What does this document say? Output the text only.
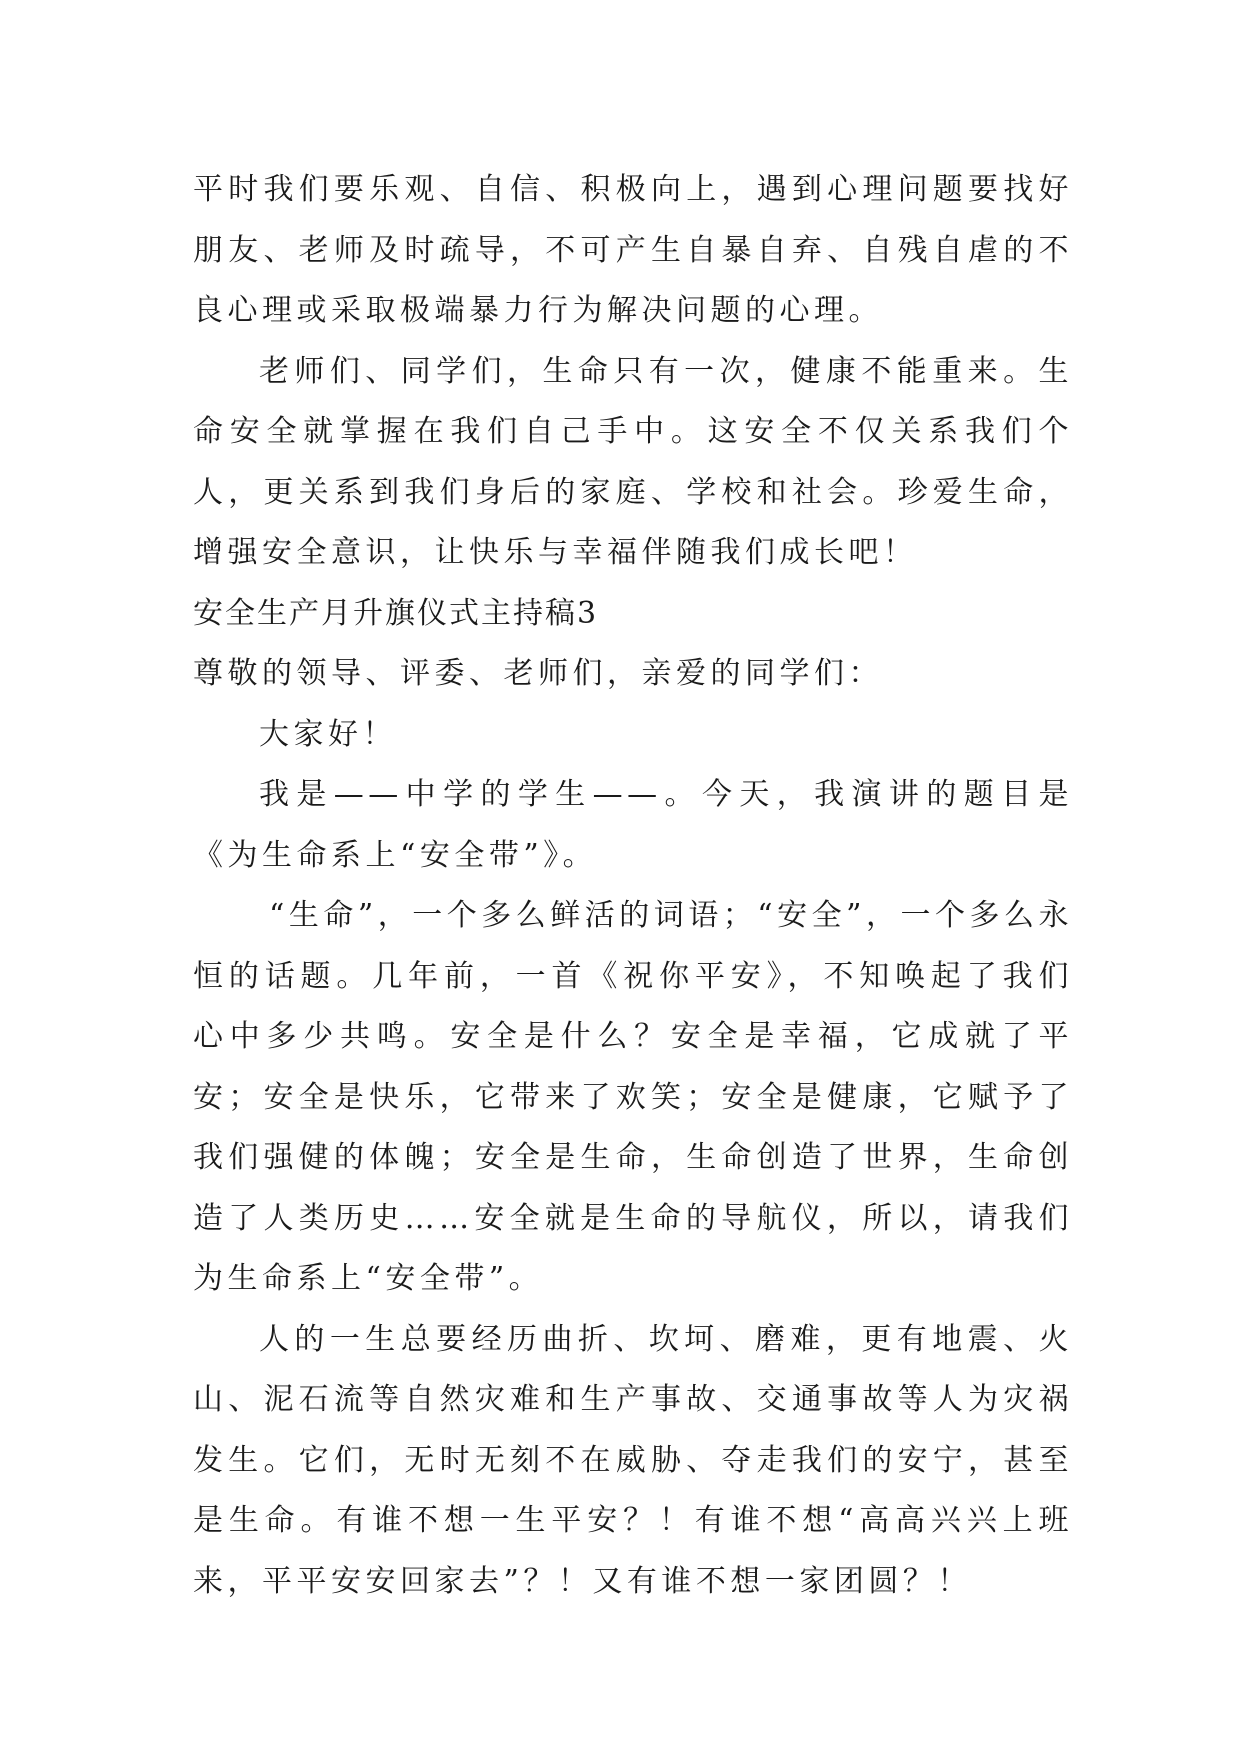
平时我们要乐观、自信、积极向上，遇到心理问题要找好朋友、老师及时疏导，不可产生自暴自弃、自残自虐的不良心理或采取极端暴力行为解决问题的心理。

老师们、同学们，生命只有一次，健康不能重来。生命安全就掌握在我们自己手中。这安全不仅关系我们个人，更关系到我们身后的家庭、学校和社会。珍爱生命，增强安全意识，让快乐与幸福伴随我们成长吧！

安全生产月升旗仪式主持稿3

尊敬的领导、评委、老师们，亲爱的同学们：

大家好！

我是——中学的学生——。今天，我演讲的题目是《为生命系上“安全带”》。

“生命”，一个多么鲜活的词语；“安全”，一个多么永恒的话题。几年前，一首《祝你平安》，不知唤起了我们心中多少共鸣。安全是什么？安全是幸福，它成就了平安；安全是快乐，它带来了欢笑；安全是健康，它赋予了我们强健的体魄；安全是生命，生命创造了世界，生命创造了人类历史……安全就是生命的导航仪，所以，请我们为生命系上“安全带”。

人的一生总要经历曲折、坎坷、磨难，更有地震、火山、泥石流等自然灾难和生产事故、交通事故等人为灾祸发生。它们，无时无刻不在威胁、夺走我们的安宁，甚至是生命。有谁不想一生平安？！有谁不想“高高兴兴上班来，平平安安回家去”？！又有谁不想一家团圆？！
